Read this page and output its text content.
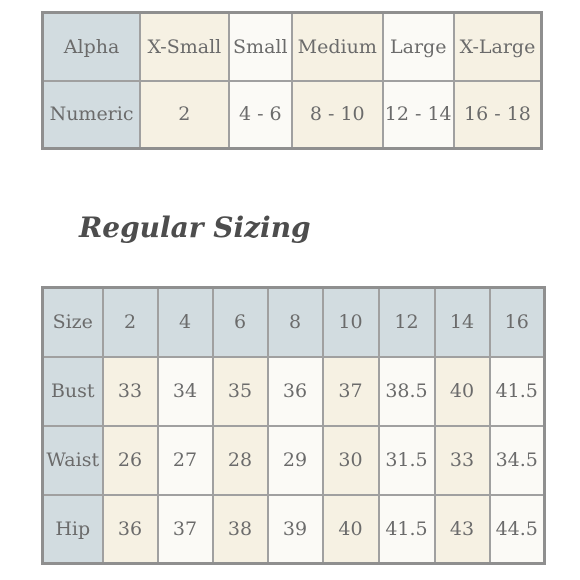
Alpha	X-Small	Small	Medium	Large	X-Large
Numeric	2	4 - 6	8 - 10	12 - 14	16 - 18
Regular Sizing
Size	2	4	6	8	10	12	14	16
Bust	33	34	35	36	37	38.5	40	41.5
Waist	26	27	28	29	30	31.5	33	34.5
Hip	36	37	38	39	40	41.5	43	44.5
